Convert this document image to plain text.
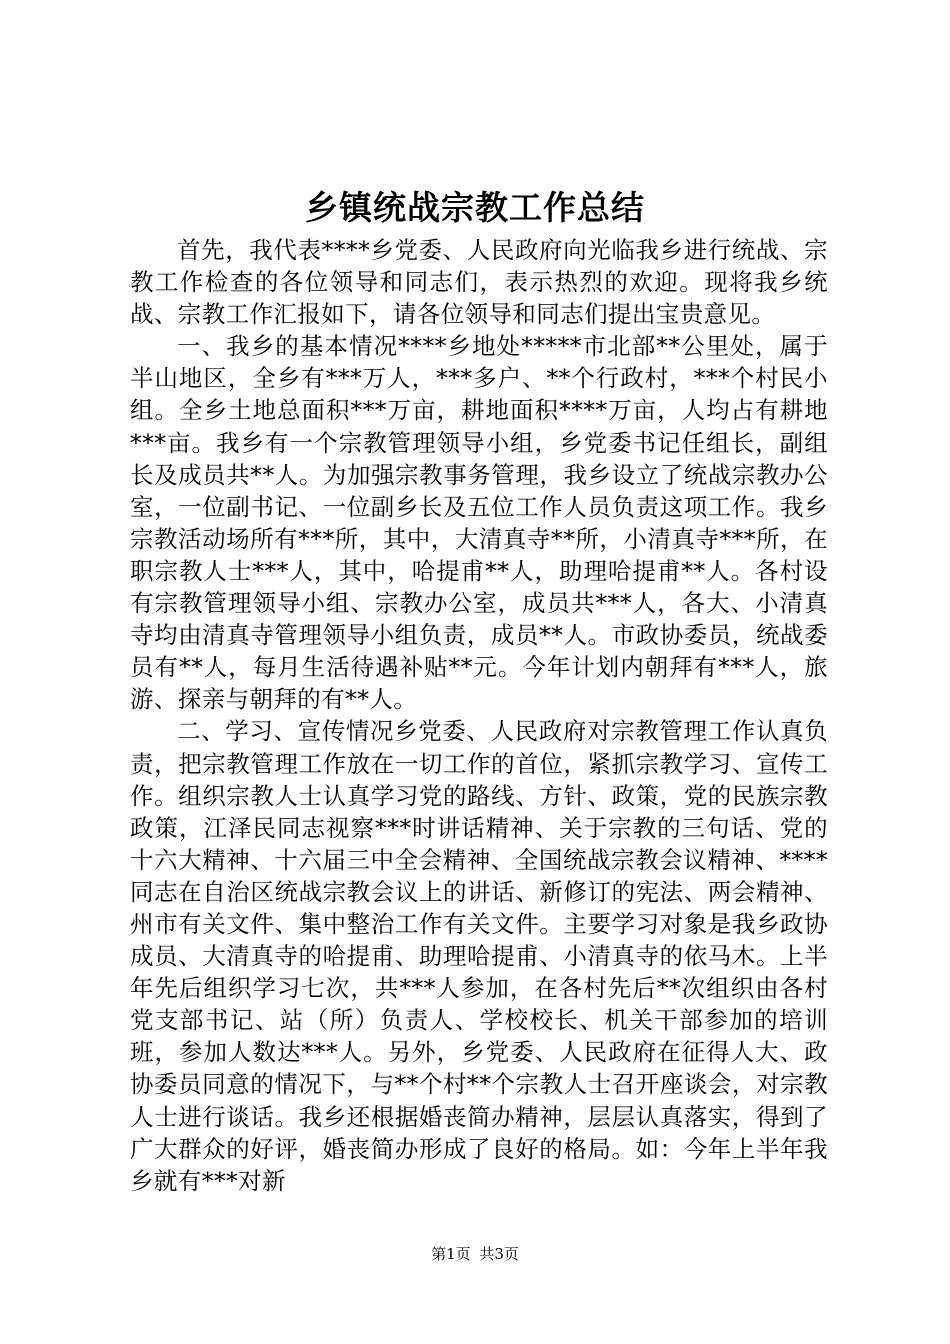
乡镇统战宗教工作总结

首先，我代表****乡党委、人民政府向光临我乡进行统战、宗教工作检查的各位领导和同志们，表示热烈的欢迎。现将我乡统战、宗教工作汇报如下，请各位领导和同志们提出宝贵意见。

一、我乡的基本情况****乡地处*****市北部**公里处，属于半山地区，全乡有***万人，***多户、**个行政村，***个村民小组。全乡土地总面积***万亩，耕地面积****万亩，人均占有耕地***亩。我乡有一个宗教管理领导小组，乡党委书记任组长，副组长及成员共**人。为加强宗教事务管理，我乡设立了统战宗教办公室，一位副书记、一位副乡长及五位工作人员负责这项工作。我乡宗教活动场所有***所，其中，大清真寺**所，小清真寺***所，在职宗教人士***人，其中，哈提甫**人，助理哈提甫**人。各村设有宗教管理领导小组、宗教办公室，成员共***人，各大、小清真寺均由清真寺管理领导小组负责，成员**人。市政协委员，统战委员有**人，每月生活待遇补贴**元。今年计划内朝拜有***人，旅游、探亲与朝拜的有**人。

二、学习、宣传情况乡党委、人民政府对宗教管理工作认真负责，把宗教管理工作放在一切工作的首位，紧抓宗教学习、宣传工作。组织宗教人士认真学习党的路线、方针、政策，党的民族宗教政策，江泽民同志视察***时讲话精神、关于宗教的三句话、党的十六大精神、十六届三中全会精神、全国统战宗教会议精神、****同志在自治区统战宗教会议上的讲话、新修订的宪法、两会精神、州市有关文件、集中整治工作有关文件。主要学习对象是我乡政协成员、大清真寺的哈提甫、助理哈提甫、小清真寺的依马木。上半年先后组织学习七次，共***人参加，在各村先后**次组织由各村党支部书记、站（所）负责人、学校校长、机关干部参加的培训班，参加人数达***人。另外，乡党委、人民政府在征得人大、政协委员同意的情况下，与**个村**个宗教人士召开座谈会，对宗教人士进行谈话。我乡还根据婚丧简办精神，层层认真落实，得到了广大群众的好评，婚丧简办形成了良好的格局。如：今年上半年我乡就有***对新

第1页 共3页
